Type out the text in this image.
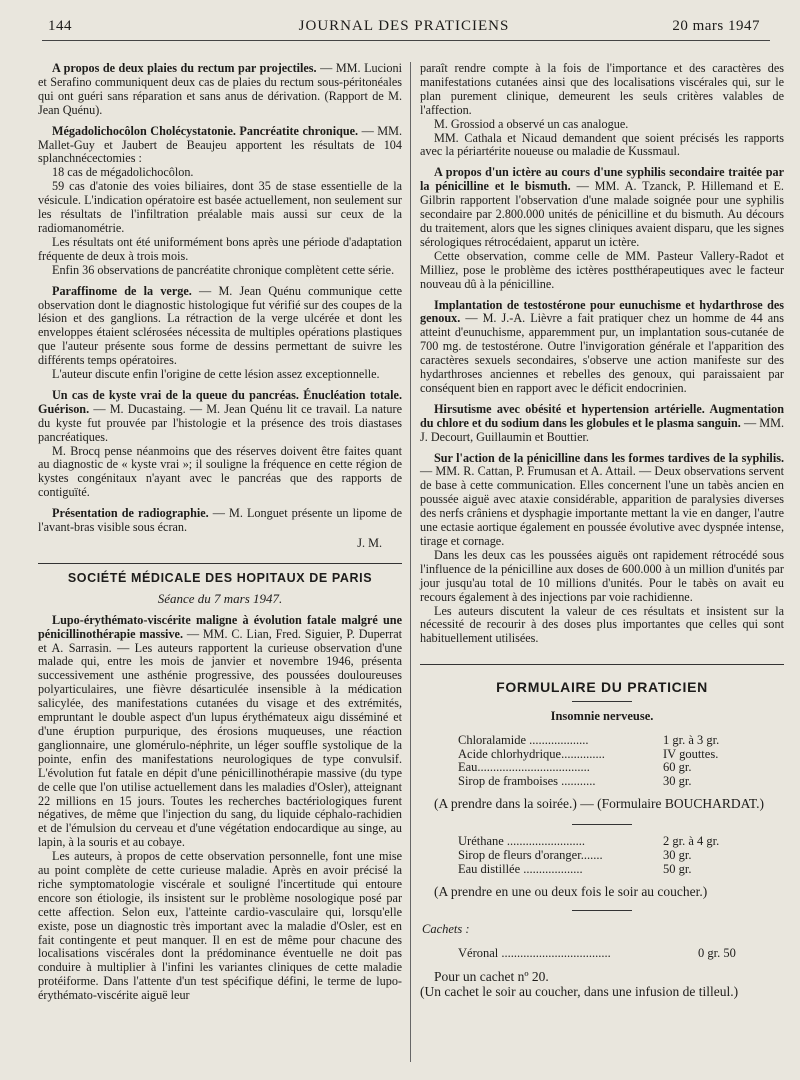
144	JOURNAL DES PRATICIENS	20 mars 1947

A propos de deux plaies du rectum par projectiles. — MM. Lucioni et Serafino communiquent deux cas de plaies du rectum sous-péritonéales qui ont guéri sans réparation et sans anus de dérivation. (Rapport de M. Jean Quénu).

Mégadolichocôlon Cholécystatonie. Pancréatite chronique. — MM. Mallet-Guy et Jaubert de Beaujeu apportent les résultats de 104 splanchnécectomies :

18 cas de mégadolichocôlon.

59 cas d'atonie des voies biliaires, dont 35 de stase essentielle de la vésicule. L'indication opératoire est basée actuellement, non seulement sur les résultats de l'infiltration préalable mais aussi sur ceux de la radiomanométrie.

Les résultats ont été uniformément bons après une période d'adaptation fréquente de deux à trois mois.

Enfin 36 observations de pancréatite chronique complètent cette série.

Paraffinome de la verge. — M. Jean Quénu communique cette observation dont le diagnostic histologique fut vérifié sur des coupes de la lésion et des ganglions. La rétraction de la verge ulcérée et dont les enveloppes étaient sclérosées nécessita de multiples opérations plastiques que l'auteur présente sous forme de dessins permettant de suivre les différents temps opératoires.

L'auteur discute enfin l'origine de cette lésion assez exceptionnelle.

Un cas de kyste vrai de la queue du pancréas. Énucléation totale. Guérison. — M. Ducastaing. — M. Jean Quénu lit ce travail. La nature du kyste fut prouvée par l'histologie et la présence des trois diastases pancréatiques.

M. Brocq pense néanmoins que des réserves doivent être faites quant au diagnostic de « kyste vrai »; il souligne la fréquence en cette région de kystes congénitaux n'ayant avec le pancréas que des rapports de contiguïté.

Présentation de radiographie. — M. Longuet présente un lipome de l'avant-bras visible sous écran.

J. M.

SOCIÉTÉ MÉDICALE DES HOPITAUX DE PARIS

Séance du 7 mars 1947.

Lupo-érythémato-viscérite maligne à évolution fatale malgré une pénicillinothérapie massive. — MM. C. Lian, Fred. Siguier, P. Duperrat et A. Sarrasin. — Les auteurs rapportent la curieuse observation d'une malade qui, entre les mois de janvier et novembre 1946, présenta successivement une asthénie progressive, des poussées douloureuses polyarticulaires, une fièvre désarticulée insensible à la médication salicylée, des manifestations cutanées du visage et des extrémités, empruntant le double aspect d'un lupus érythémateux aigu disséminé et d'une éruption purpurique, des érosions muqueuses, une réaction ganglionnaire, une glomérulo-néphrite, un léger souffle systolique de la pointe, enfin des manifestations neurologiques de type convulsif. L'évolution fut fatale en dépit d'une pénicillinothérapie massive (du type de celle que l'on utilise actuellement dans les maladies d'Osler), atteignant 22 millions en 15 jours. Toutes les recherches bactériologiques furent négatives, de même que l'injection du sang, du liquide céphalo-rachidien et de l'émulsion du cerveau et d'une végétation endocardique au singe, au lapin, à la souris et au cobaye.

Les auteurs, à propos de cette observation personnelle, font une mise au point complète de cette curieuse maladie. Après en avoir précisé la riche symptomatologie viscérale et souligné l'incertitude qui entoure encore son étiologie, ils insistent sur le problème nosologique posé par cette affection. Selon eux, l'atteinte cardio-vasculaire qui, lorsqu'elle existe, pose un diagnostic très important avec la maladie d'Osler, est en fait contingente et peut manquer. Il en est de même pour chacune des localisations viscérales dont la prédominance éventuelle ne doit pas conduire à multiplier à l'infini les variantes cliniques de cette maladie protéiforme. Dans l'attente d'un test spécifique défini, le terme de lupo-érythémato-viscérite aiguë leur

paraît rendre compte à la fois de l'importance et des caractères des manifestations cutanées ainsi que des localisations viscérales qui, sur le plan purement clinique, demeurent les seuls critères valables de l'affection.

M. Grossiod a observé un cas analogue.

MM. Cathala et Nicaud demandent que soient précisés les rapports avec la périartérite noueuse ou maladie de Kussmaul.

A propos d'un ictère au cours d'une syphilis secondaire traitée par la pénicilline et le bismuth. — MM. A. Tzanck, P. Hillemand et E. Gilbrin rapportent l'observation d'une malade soignée pour une syphilis secondaire par 2.800.000 unités de pénicilline et du bismuth. Au décours du traitement, alors que les signes cliniques avaient disparu, que les signes sérologiques rétrocédaient, apparut un ictère.

Cette observation, comme celle de MM. Pasteur Vallery-Radot et Milliez, pose le problème des ictères postthérapeutiques avec le facteur nouveau dû à la pénicilline.

Implantation de testostérone pour eunuchisme et hydarthrose des genoux. — M. J.-A. Lièvre a fait pratiquer chez un homme de 44 ans atteint d'eunuchisme, apparemment pur, un implantation sous-cutanée de 700 mg. de testostérone. Outre l'invigoration générale et l'apparition des caractères sexuels secondaires, s'observe une action manifeste sur des hydarthroses anciennes et rebelles des genoux, qui paraissaient par conséquent bien en rapport avec le déficit endocrinien.

Hirsutisme avec obésité et hypertension artérielle. Augmentation du chlore et du sodium dans les globules et le plasma sanguin. — MM. J. Decourt, Guillaumin et Bouttier.

Sur l'action de la pénicilline dans les formes tardives de la syphilis. — MM. R. Cattan, P. Frumusan et A. Attail. — Deux observations servent de base à cette communication. Elles concernent l'une un tabès ancien en poussée aiguë avec ataxie considérable, apparition de paralysies diverses des nerfs crâniens et dysphagie importante mettant la vie en danger, l'autre une ectasie aortique également en poussée évolutive avec dyspnée intense, tirage et cornage.

Dans les deux cas les poussées aiguës ont rapidement rétrocédé sous l'influence de la pénicilline aux doses de 600.000 à un million d'unités par jour jusqu'au total de 10 millions d'unités. Pour le tabès on avait eu recours également à des injections par voie rachidienne.

Les auteurs discutent la valeur de ces résultats et insistent sur la nécessité de recourir à des doses plus importantes que celles qui sont habituellement utilisées.

FORMULAIRE DU PRATICIEN

Insomnie nerveuse.

Chloralamide ...................	1 gr. à 3 gr.
Acide chlorhydrique..............	IV gouttes.
Eau....................................	60 gr.
Sirop de framboises ...........	30 gr.

(A prendre dans la soirée.) — (Formulaire BOUCHARDAT.)

Uréthane .........................	2 gr. à 4 gr.
Sirop de fleurs d'oranger.......	30 gr.
Eau distillée ...................	50 gr.

(A prendre en une ou deux fois le soir au coucher.)

Cachets :

Véronal ...................................	0 gr. 50

Pour un cachet nº 20.

(Un cachet le soir au coucher, dans une infusion de tilleul.)
